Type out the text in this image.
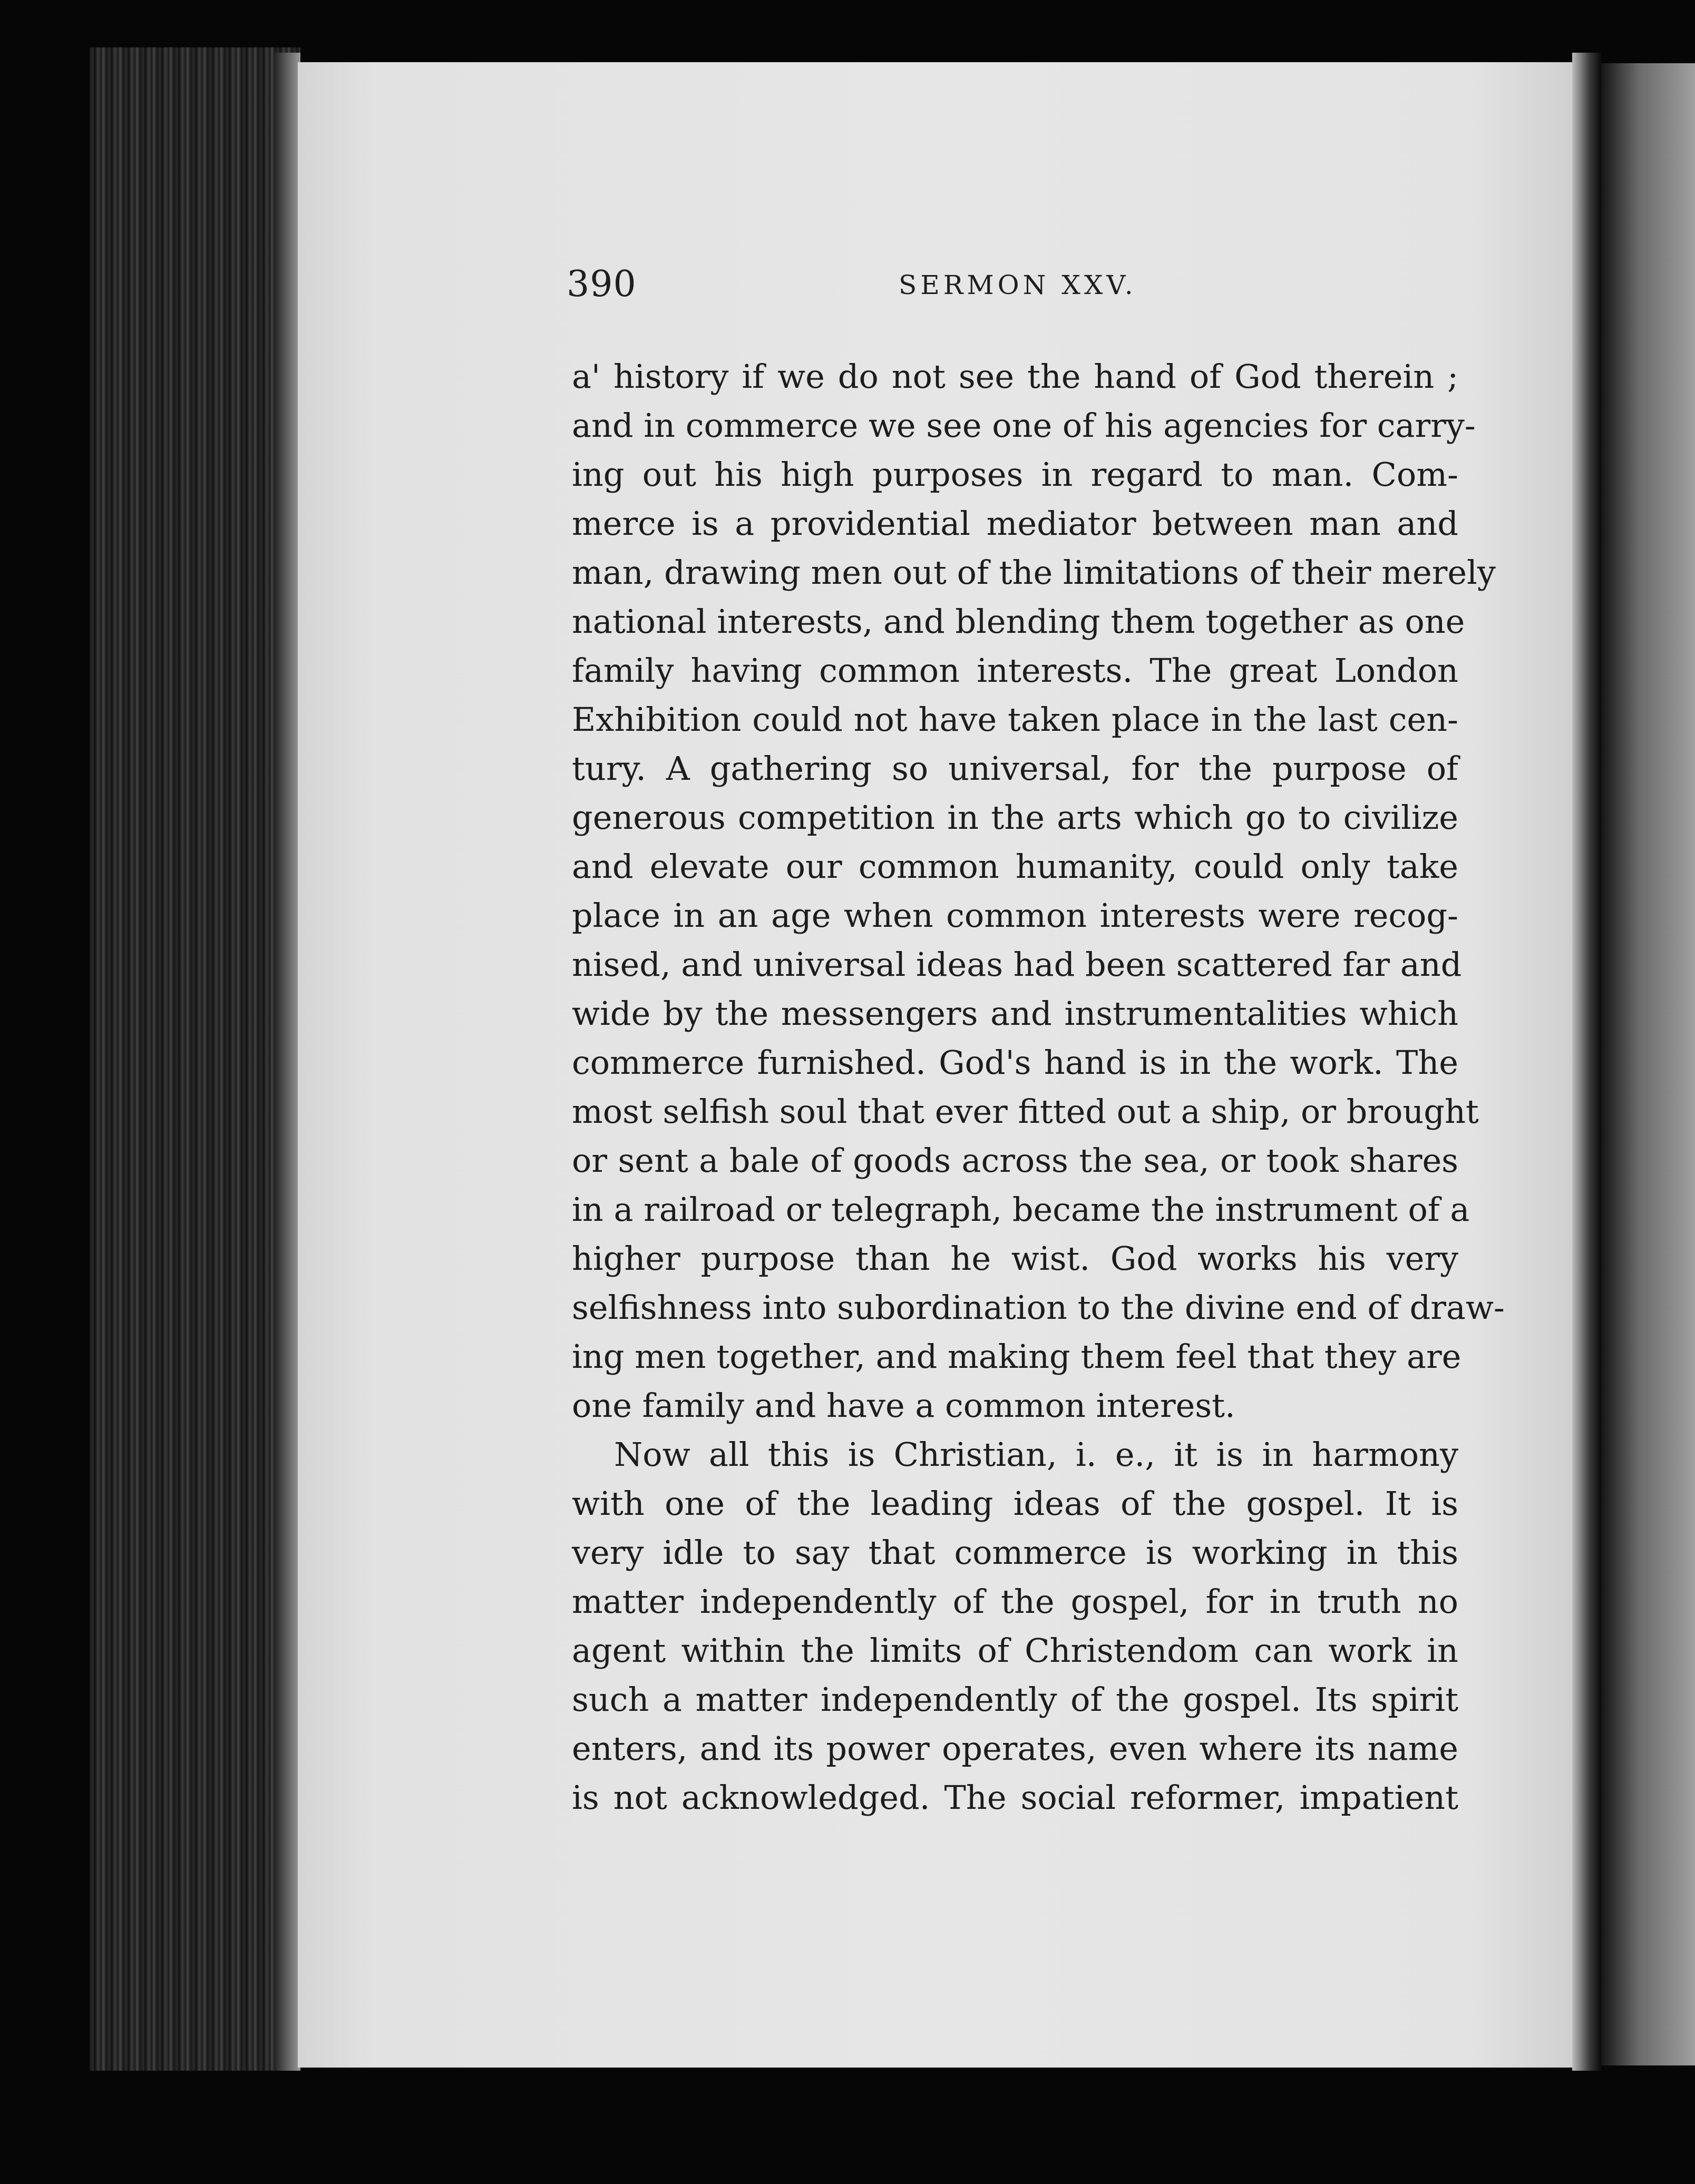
390	SERMON XXV.
a' history if we do not see the hand of God therein ;
and in commerce we see one of his agencies for carry-
ing out his high purposes in regard to man. Com-
merce is a providential mediator between man and
man, drawing men out of the limitations of their merely
national interests, and blending them together as one
family having common interests. The great London
Exhibition could not have taken place in the last cen-
tury. A gathering so universal, for the purpose of
generous competition in the arts which go to civilize
and elevate our common humanity, could only take
place in an age when common interests were recog-
nised, and universal ideas had been scattered far and
wide by the messengers and instrumentalities which
commerce furnished. God's hand is in the work. The
most selfish soul that ever fitted out a ship, or brought
or sent a bale of goods across the sea, or took shares
in a railroad or telegraph, became the instrument of a
higher purpose than he wist. God works his very
selfishness into subordination to the divine end of draw-
ing men together, and making them feel that they are
one family and have a common interest.
Now all this is Christian, i. e., it is in harmony
with one of the leading ideas of the gospel. It is
very idle to say that commerce is working in this
matter independently of the gospel, for in truth no
agent within the limits of Christendom can work in
such a matter independently of the gospel. Its spirit
enters, and its power operates, even where its name
is not acknowledged. The social reformer, impatient
